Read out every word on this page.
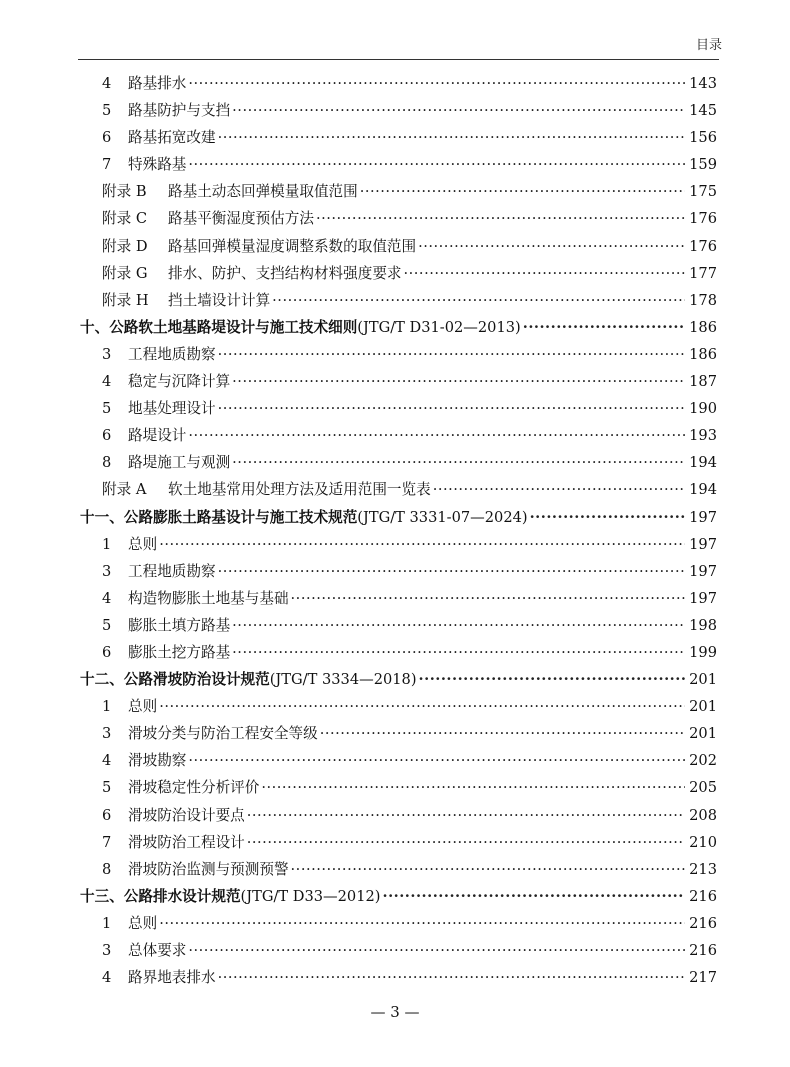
目录
4	路基排水 ·····	143
5	路基防护与支挡 ·····	145
6	路基拓宽改建 ·····	156
7	特殊路基 ·····	159
附录 B	路基土动态回弹模量取值范围 ·····	175
附录 C	路基平衡湿度预估方法 ·····	176
附录 D	路基回弹模量湿度调整系数的取值范围 ·····	176
附录 G	排水、防护、支挡结构材料强度要求 ·····	177
附录 H	挡土墙设计计算 ·····	178
十、公路软土地基路堤设计与施工技术细则 (JTG/T D31-02—2013) ·····	186
3	工程地质勘察 ·····	186
4	稳定与沉降计算 ·····	187
5	地基处理设计 ·····	190
6	路堤设计 ·····	193
8	路堤施工与观测 ·····	194
附录 A	软土地基常用处理方法及适用范围一览表 ·····	194
十一、公路膨胀土路基设计与施工技术规范 (JTG/T 3331-07—2024) ·····	197
1	总则 ·····	197
3	工程地质勘察 ·····	197
4	构造物膨胀土地基与基础 ·····	197
5	膨胀土填方路基 ·····	198
6	膨胀土挖方路基 ·····	199
十二、公路滑坡防治设计规范 (JTG/T 3334—2018) ·····	201
1	总则 ·····	201
3	滑坡分类与防治工程安全等级 ·····	201
4	滑坡勘察 ·····	202
5	滑坡稳定性分析评价 ·····	205
6	滑坡防治设计要点 ·····	208
7	滑坡防治工程设计 ·····	210
8	滑坡防治监测与预测预警 ·····	213
十三、公路排水设计规范 (JTG/T D33—2012) ·····	216
1	总则 ·····	216
3	总体要求 ·····	216
4	路界地表排水 ·····	217
— 3 —
